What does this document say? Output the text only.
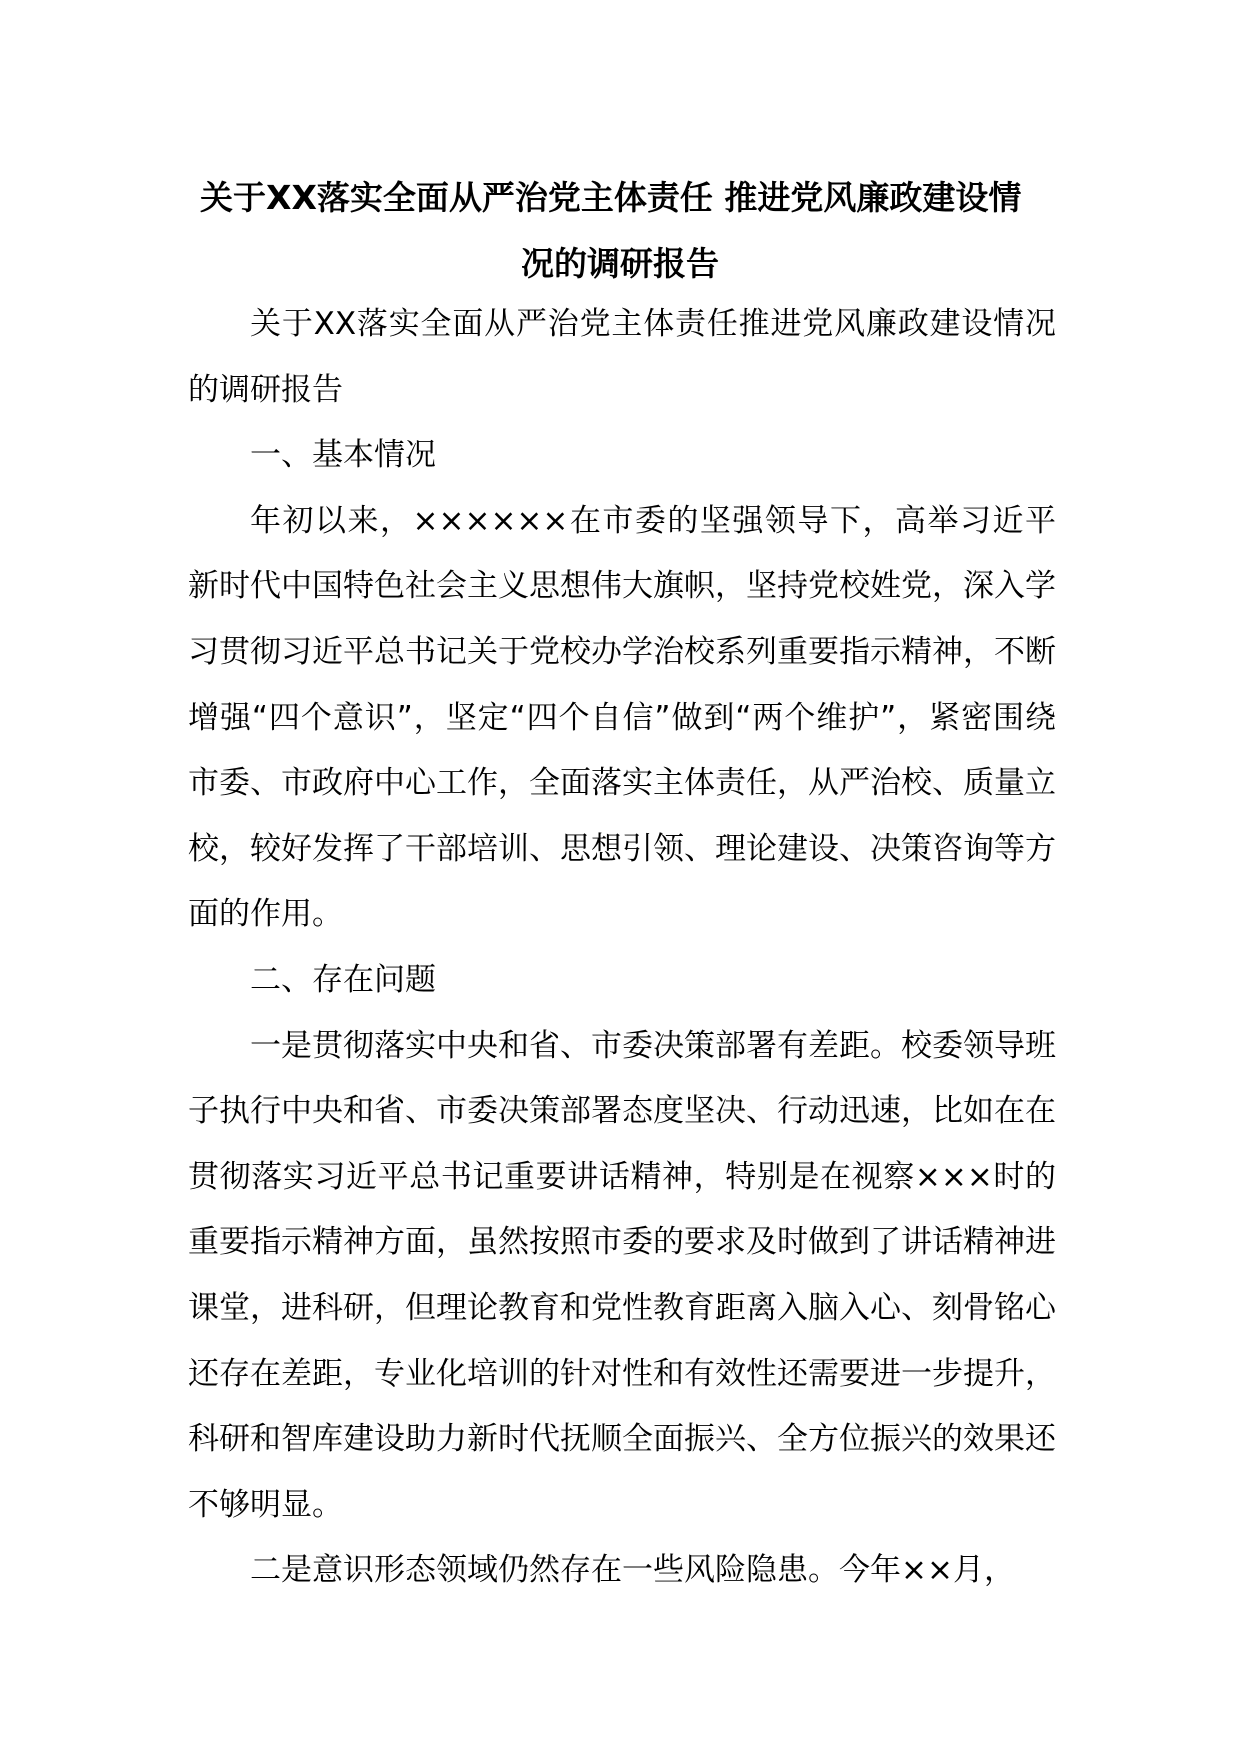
关于XX落实全面从严治党主体责任 推进党风廉政建设情
况的调研报告

关于XX落实全面从严治党主体责任推进党风廉政建设情况的调研报告

一、基本情况

年初以来，××××××在市委的坚强领导下，高举习近平新时代中国特色社会主义思想伟大旗帜，坚持党校姓党，深入学习贯彻习近平总书记关于党校办学治校系列重要指示精神，不断增强“四个意识”，坚定“四个自信”做到“两个维护”，紧密围绕市委、市政府中心工作，全面落实主体责任，从严治校、质量立校，较好发挥了干部培训、思想引领、理论建设、决策咨询等方面的作用。

二、存在问题

一是贯彻落实中央和省、市委决策部署有差距。校委领导班子执行中央和省、市委决策部署态度坚决、行动迅速，比如在在贯彻落实习近平总书记重要讲话精神，特别是在视察×××时的重要指示精神方面，虽然按照市委的要求及时做到了讲话精神进课堂，进科研，但理论教育和党性教育距离入脑入心、刻骨铭心还存在差距，专业化培训的针对性和有效性还需要进一步提升，科研和智库建设助力新时代抚顺全面振兴、全方位振兴的效果还不够明显。

二是意识形态领域仍然存在一些风险隐患。今年××月，
